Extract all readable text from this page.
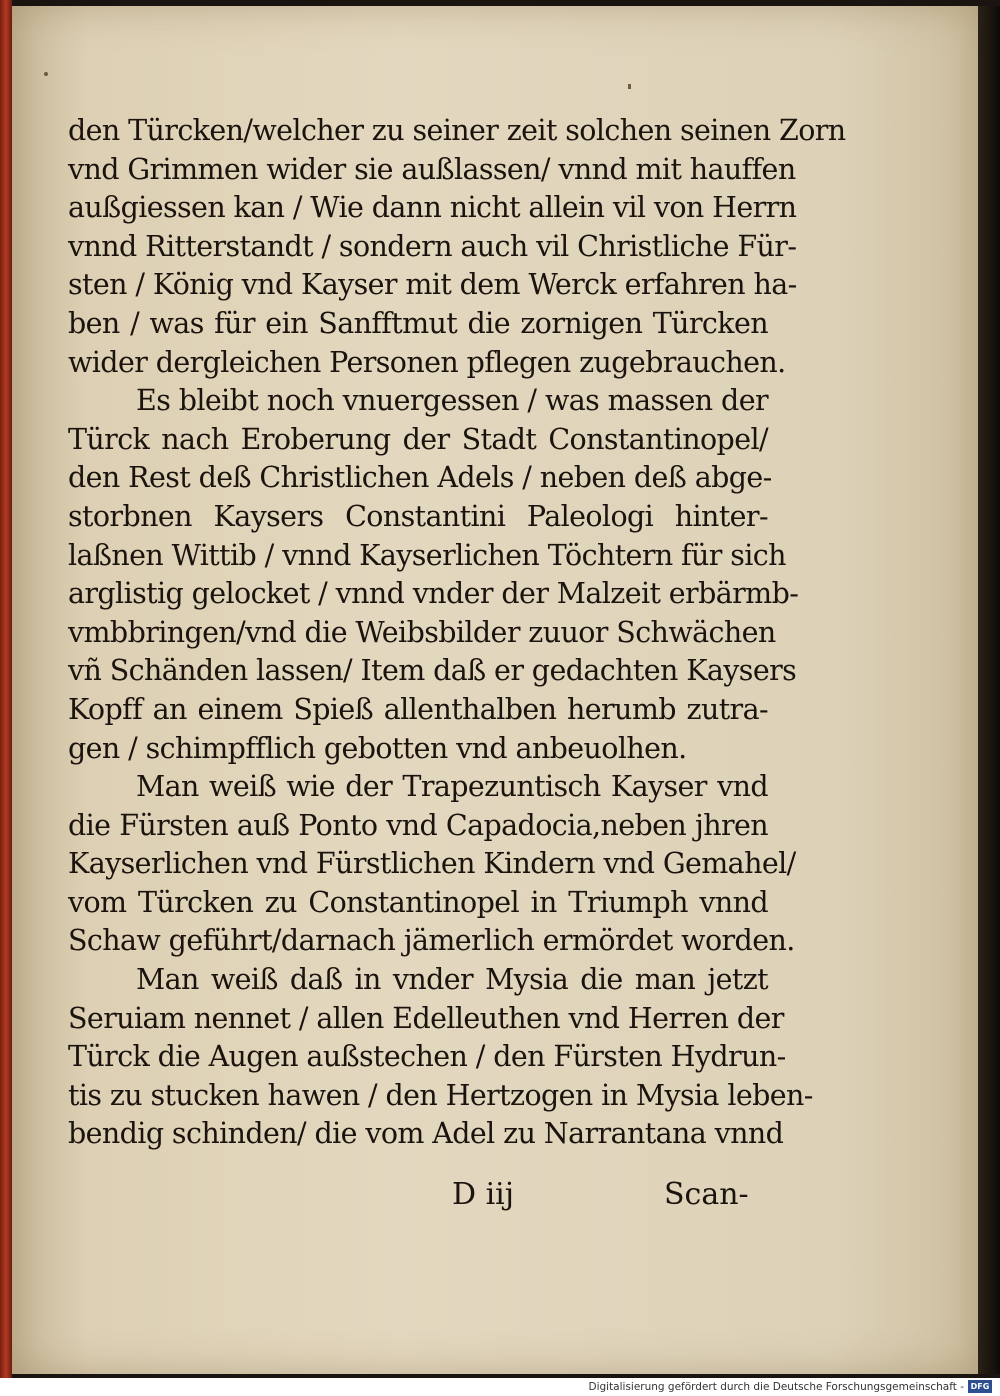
den Türcken/welcher zu seiner zeit solchen seinen Zorn
vnd Grimmen wider sie außlassen/ vnnd mit hauffen
außgiessen kan / Wie dann nicht allein vil von Herrn
vnnd Ritterstandt / sondern auch vil Christliche Für-
sten / König vnd Kayser mit dem Werck erfahren ha-
ben / was für ein Sanfftmut die zornigen Türcken
wider dergleichen Personen pflegen zugebrauchen.
Es bleibt noch vnuergessen / was massen der
Türck nach Eroberung der Stadt Constantinopel/
den Rest deß Christlichen Adels / neben deß abge-
storbnen Kaysers Constantini Paleologi hinter-
laßnen Wittib / vnnd Kayserlichen Töchtern für sich
arglistig gelocket / vnnd vnder der Malzeit erbärmb-
vmbbringen/vnd die Weibsbilder zuuor Schwächen
vñ Schänden lassen/ Item daß er gedachten Kaysers
Kopff an einem Spieß allenthalben herumb zutra-
gen / schimpfflich gebotten vnd anbeuolhen.
Man weiß wie der Trapezuntisch Kayser vnd
die Fürsten auß Ponto vnd Capadocia,neben jhren
Kayserlichen vnd Fürstlichen Kindern vnd Gemahel/
vom Türcken zu Constantinopel in Triumph vnnd
Schaw geführt/darnach jämerlich ermördet worden.
Man weiß daß in vnder Mysia die man jetzt
Seruiam nennet / allen Edelleuthen vnd Herren der
Türck die Augen außstechen / den Fürsten Hydrun-
tis zu stucken hawen / den Hertzogen in Mysia leben-
bendig schinden/ die vom Adel zu Narrantana vnnd
D iij	Scan-
Digitalisierung gefördert durch die Deutsche Forschungsgemeinschaft - DFG
